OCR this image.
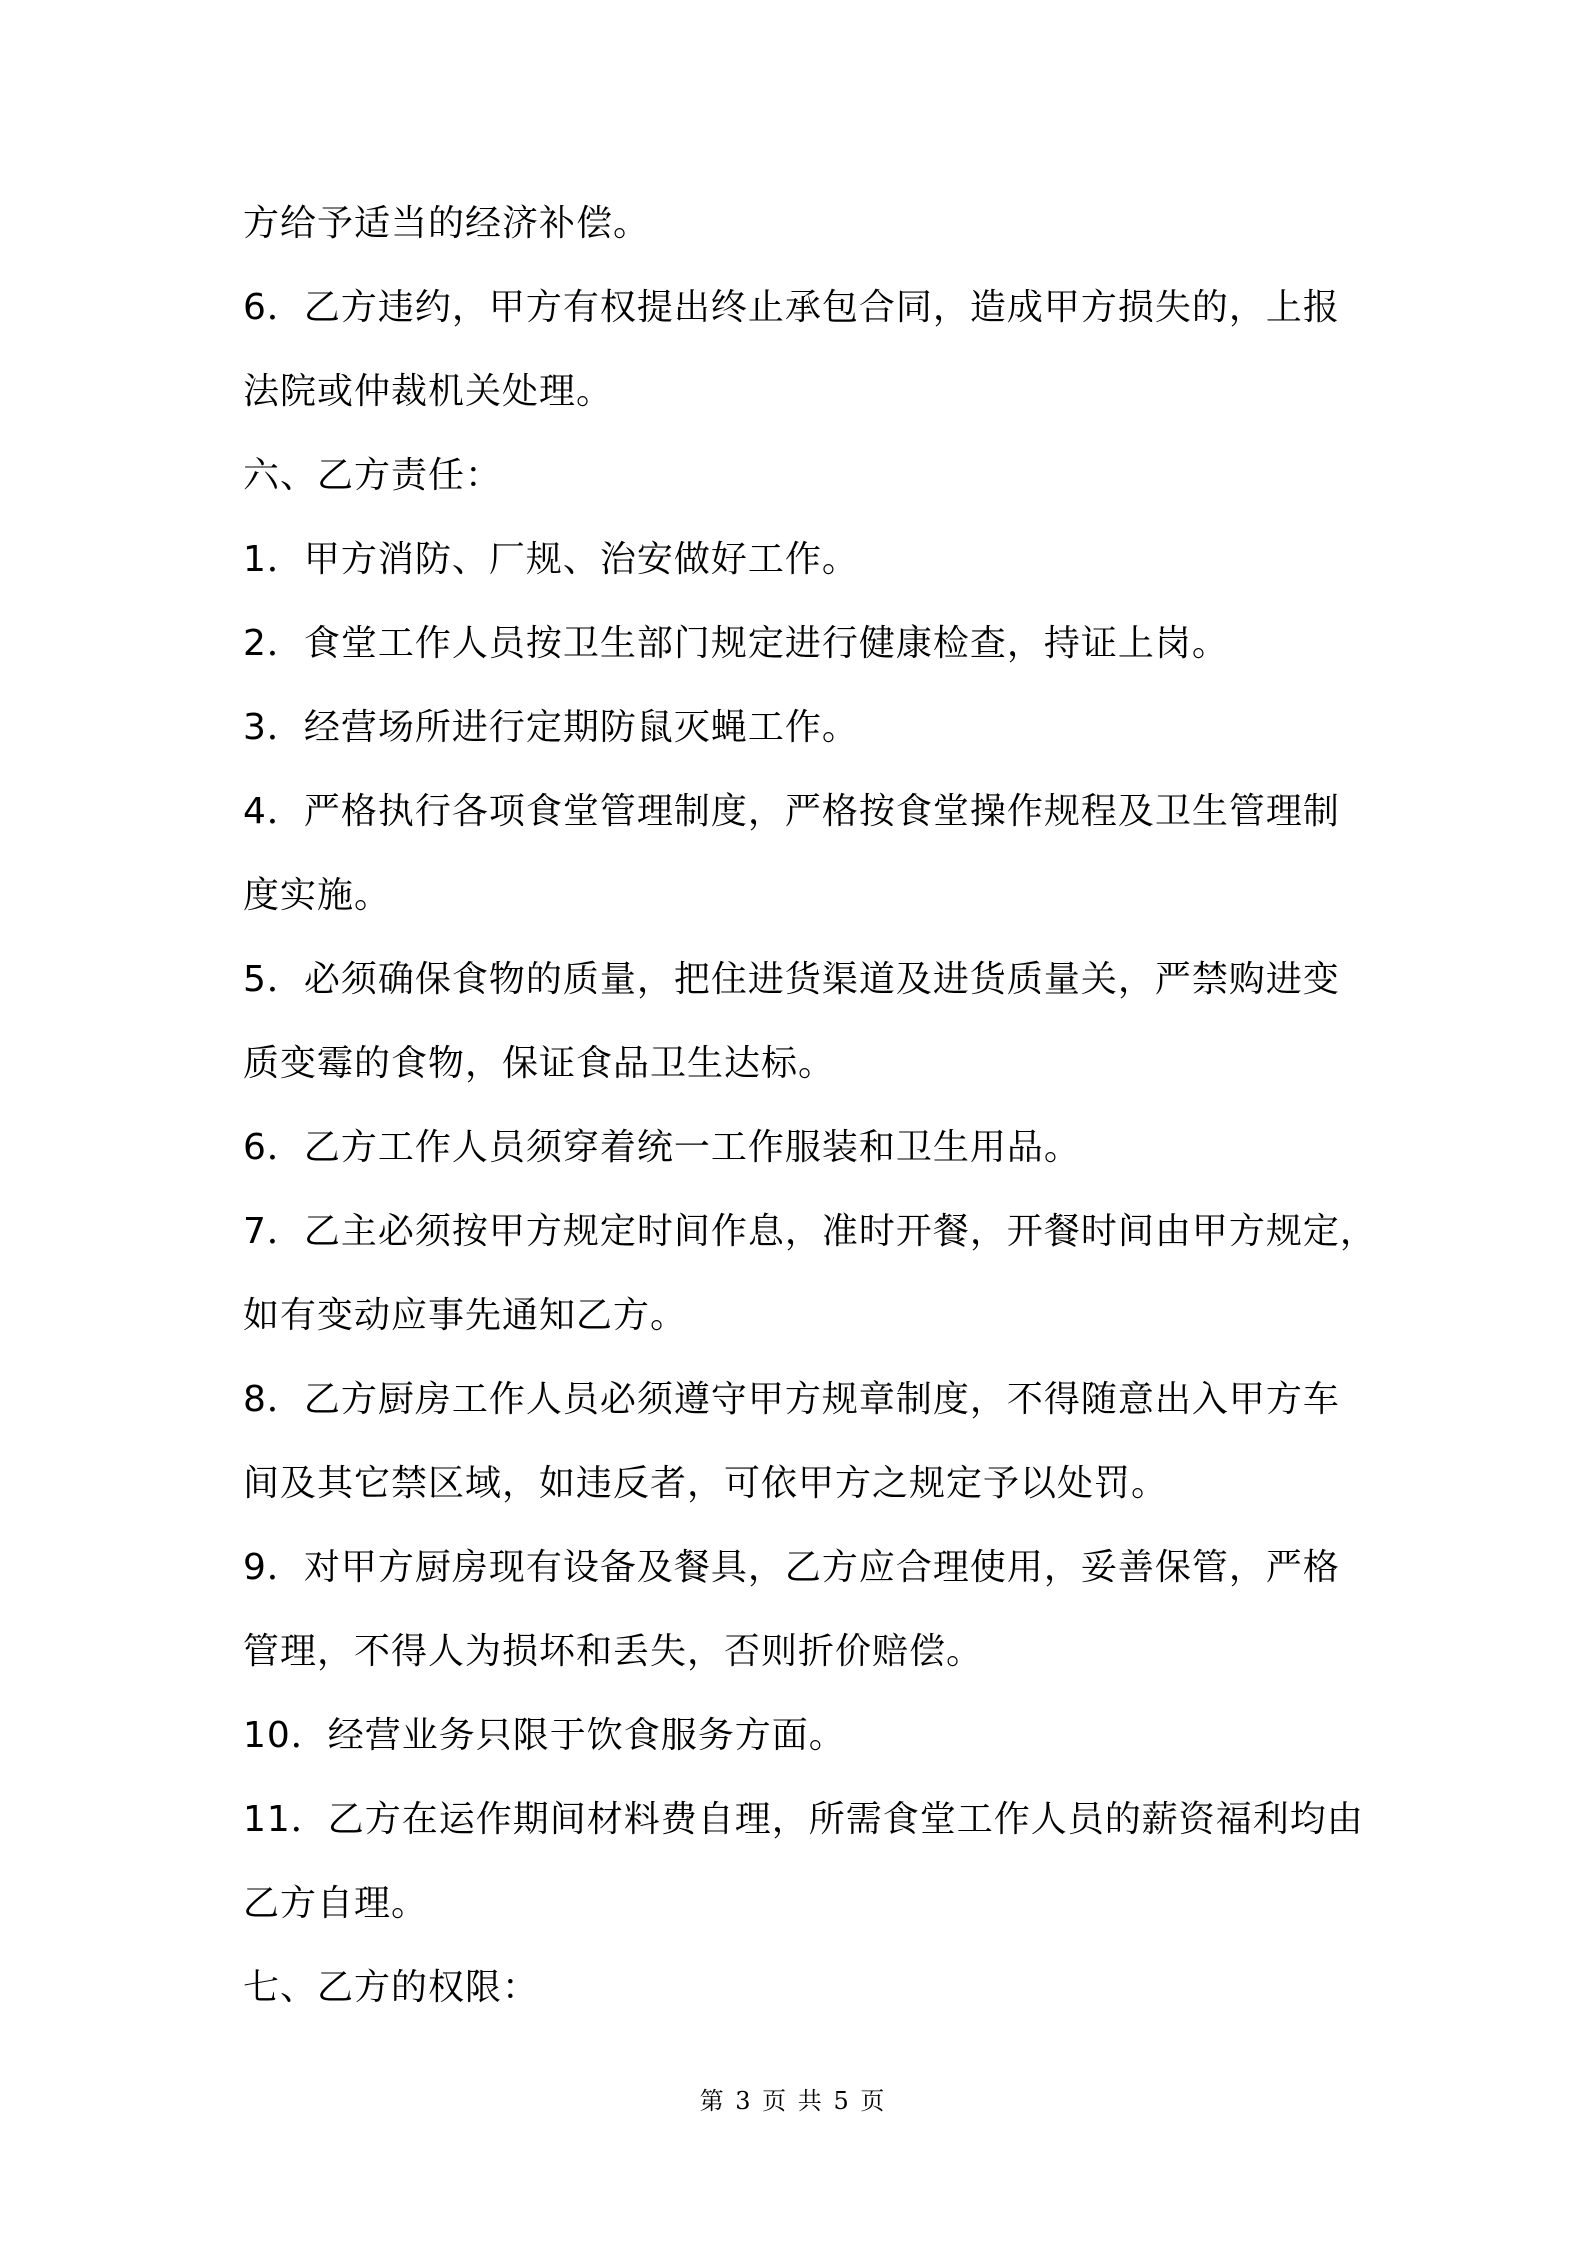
方给予适当的经济补偿。
6．乙方违约，甲方有权提出终止承包合同，造成甲方损失的，上报
法院或仲裁机关处理。
六、乙方责任：
1．甲方消防、厂规、治安做好工作。
2．食堂工作人员按卫生部门规定进行健康检查，持证上岗。
3．经营场所进行定期防鼠灭蝇工作。
4．严格执行各项食堂管理制度，严格按食堂操作规程及卫生管理制
度实施。
5．必须确保食物的质量，把住进货渠道及进货质量关，严禁购进变
质变霉的食物，保证食品卫生达标。
6．乙方工作人员须穿着统一工作服装和卫生用品。
7．乙主必须按甲方规定时间作息，准时开餐，开餐时间由甲方规定，
如有变动应事先通知乙方。
8．乙方厨房工作人员必须遵守甲方规章制度，不得随意出入甲方车
间及其它禁区域，如违反者，可依甲方之规定予以处罚。
9．对甲方厨房现有设备及餐具，乙方应合理使用，妥善保管，严格
管理，不得人为损坏和丢失，否则折价赔偿。
10．经营业务只限于饮食服务方面。
11．乙方在运作期间材料费自理，所需食堂工作人员的薪资福利均由
乙方自理。
七、乙方的权限：
第 3 页 共 5 页
